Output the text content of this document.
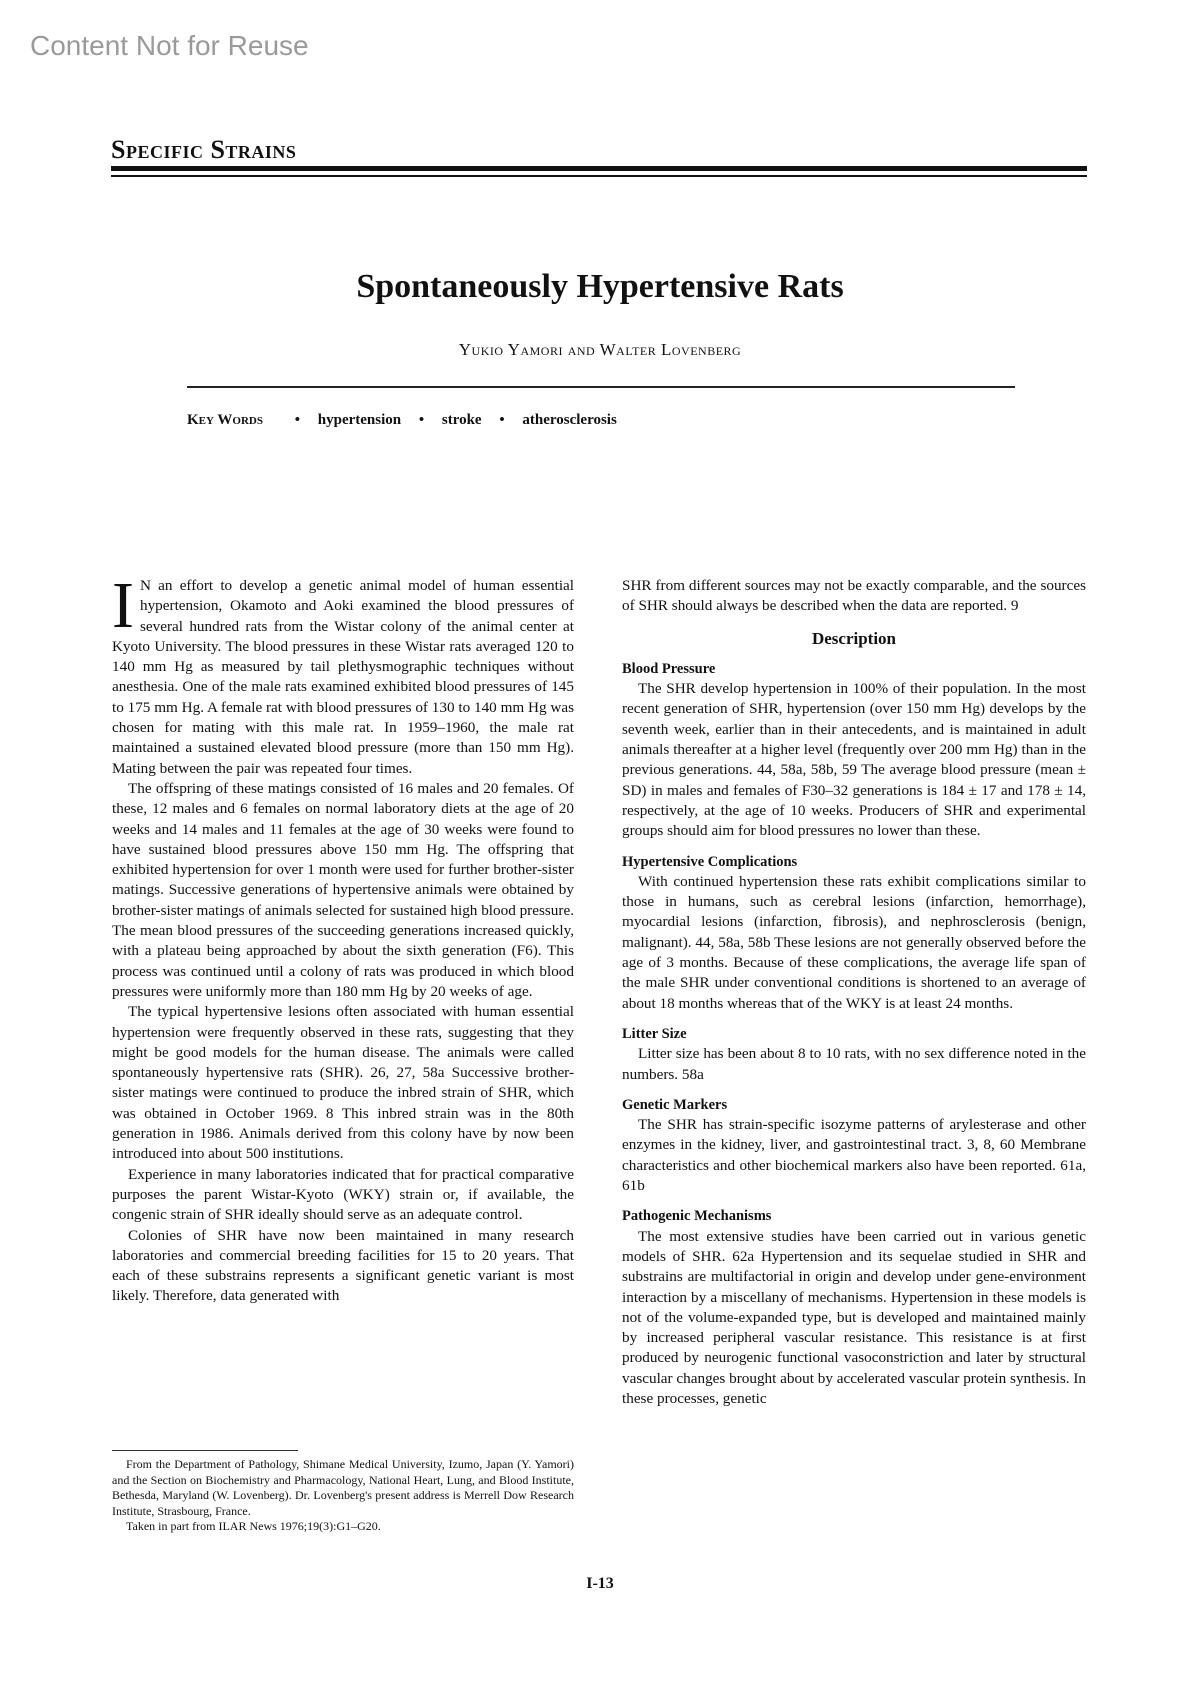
Content Not for Reuse
Specific Strains
Spontaneously Hypertensive Rats
Yukio Yamori and Walter Lovenberg
Key Words • hypertension • stroke • atherosclerosis

I N an effort to develop a genetic animal model of human essential hypertension, Okamoto and Aoki examined the blood pressures of several hundred rats from the Wistar colony of the animal center at Kyoto University. The blood pressures in these Wistar rats averaged 120 to 140 mm Hg as measured by tail plethysmographic techniques without anesthesia. One of the male rats examined exhibited blood pressures of 145 to 175 mm Hg. A female rat with blood pressures of 130 to 140 mm Hg was chosen for mating with this male rat. In 1959–1960, the male rat maintained a sustained elevated blood pressure (more than 150 mm Hg). Mating between the pair was repeated four times.

The offspring of these matings consisted of 16 males and 20 females. Of these, 12 males and 6 females on normal laboratory diets at the age of 20 weeks and 14 males and 11 females at the age of 30 weeks were found to have sustained blood pressures above 150 mm Hg. The offspring that exhibited hypertension for over 1 month were used for further brother-sister matings. Successive generations of hypertensive animals were obtained by brother-sister matings of animals selected for sustained high blood pressure. The mean blood pressures of the succeeding generations increased quickly, with a plateau being approached by about the sixth generation (F6). This process was continued until a colony of rats was produced in which blood pressures were uniformly more than 180 mm Hg by 20 weeks of age.

The typical hypertensive lesions often associated with human essential hypertension were frequently observed in these rats, suggesting that they might be good models for the human disease. The animals were called spontaneously hypertensive rats (SHR). 26, 27, 58a Successive brother-sister matings were continued to produce the inbred strain of SHR, which was obtained in October 1969. 8 This inbred strain was in the 80th generation in 1986. Animals derived from this colony have by now been introduced into about 500 institutions.

Experience in many laboratories indicated that for practical comparative purposes the parent Wistar-Kyoto (WKY) strain or, if available, the congenic strain of SHR ideally should serve as an adequate control.

Colonies of SHR have now been maintained in many research laboratories and commercial breeding facilities for 15 to 20 years. That each of these substrains represents a significant genetic variant is most likely. Therefore, data generated with

SHR from different sources may not be exactly comparable, and the sources of SHR should always be described when the data are reported. 9

Description
Blood Pressure

The SHR develop hypertension in 100% of their population. In the most recent generation of SHR, hypertension (over 150 mm Hg) develops by the seventh week, earlier than in their antecedents, and is maintained in adult animals thereafter at a higher level (frequently over 200 mm Hg) than in the previous generations. 44, 58a, 58b, 59 The average blood pressure (mean ± SD) in males and females of F30–32 generations is 184 ± 17 and 178 ± 14, respectively, at the age of 10 weeks. Producers of SHR and experimental groups should aim for blood pressures no lower than these.

Hypertensive Complications

With continued hypertension these rats exhibit complications similar to those in humans, such as cerebral lesions (infarction, hemorrhage), myocardial lesions (infarction, fibrosis), and nephrosclerosis (benign, malignant). 44, 58a, 58b These lesions are not generally observed before the age of 3 months. Because of these complications, the average life span of the male SHR under conventional conditions is shortened to an average of about 18 months whereas that of the WKY is at least 24 months.

Litter Size

Litter size has been about 8 to 10 rats, with no sex difference noted in the numbers. 58a

Genetic Markers

The SHR has strain-specific isozyme patterns of arylesterase and other enzymes in the kidney, liver, and gastrointestinal tract. 3, 8, 60 Membrane characteristics and other biochemical markers also have been reported. 61a, 61b

Pathogenic Mechanisms

The most extensive studies have been carried out in various genetic models of SHR. 62a Hypertension and its sequelae studied in SHR and substrains are multifactorial in origin and develop under gene-environment interaction by a miscellany of mechanisms. Hypertension in these models is not of the volume-expanded type, but is developed and maintained mainly by increased peripheral vascular resistance. This resistance is at first produced by neurogenic functional vasoconstriction and later by structural vascular changes brought about by accelerated vascular protein synthesis. In these processes, genetic

From the Department of Pathology, Shimane Medical University, Izumo, Japan (Y. Yamori) and the Section on Biochemistry and Pharmacology, National Heart, Lung, and Blood Institute, Bethesda, Maryland (W. Lovenberg). Dr. Lovenberg's present address is Merrell Dow Research Institute, Strasbourg, France.

Taken in part from ILAR News 1976;19(3):G1–G20.

I-13
